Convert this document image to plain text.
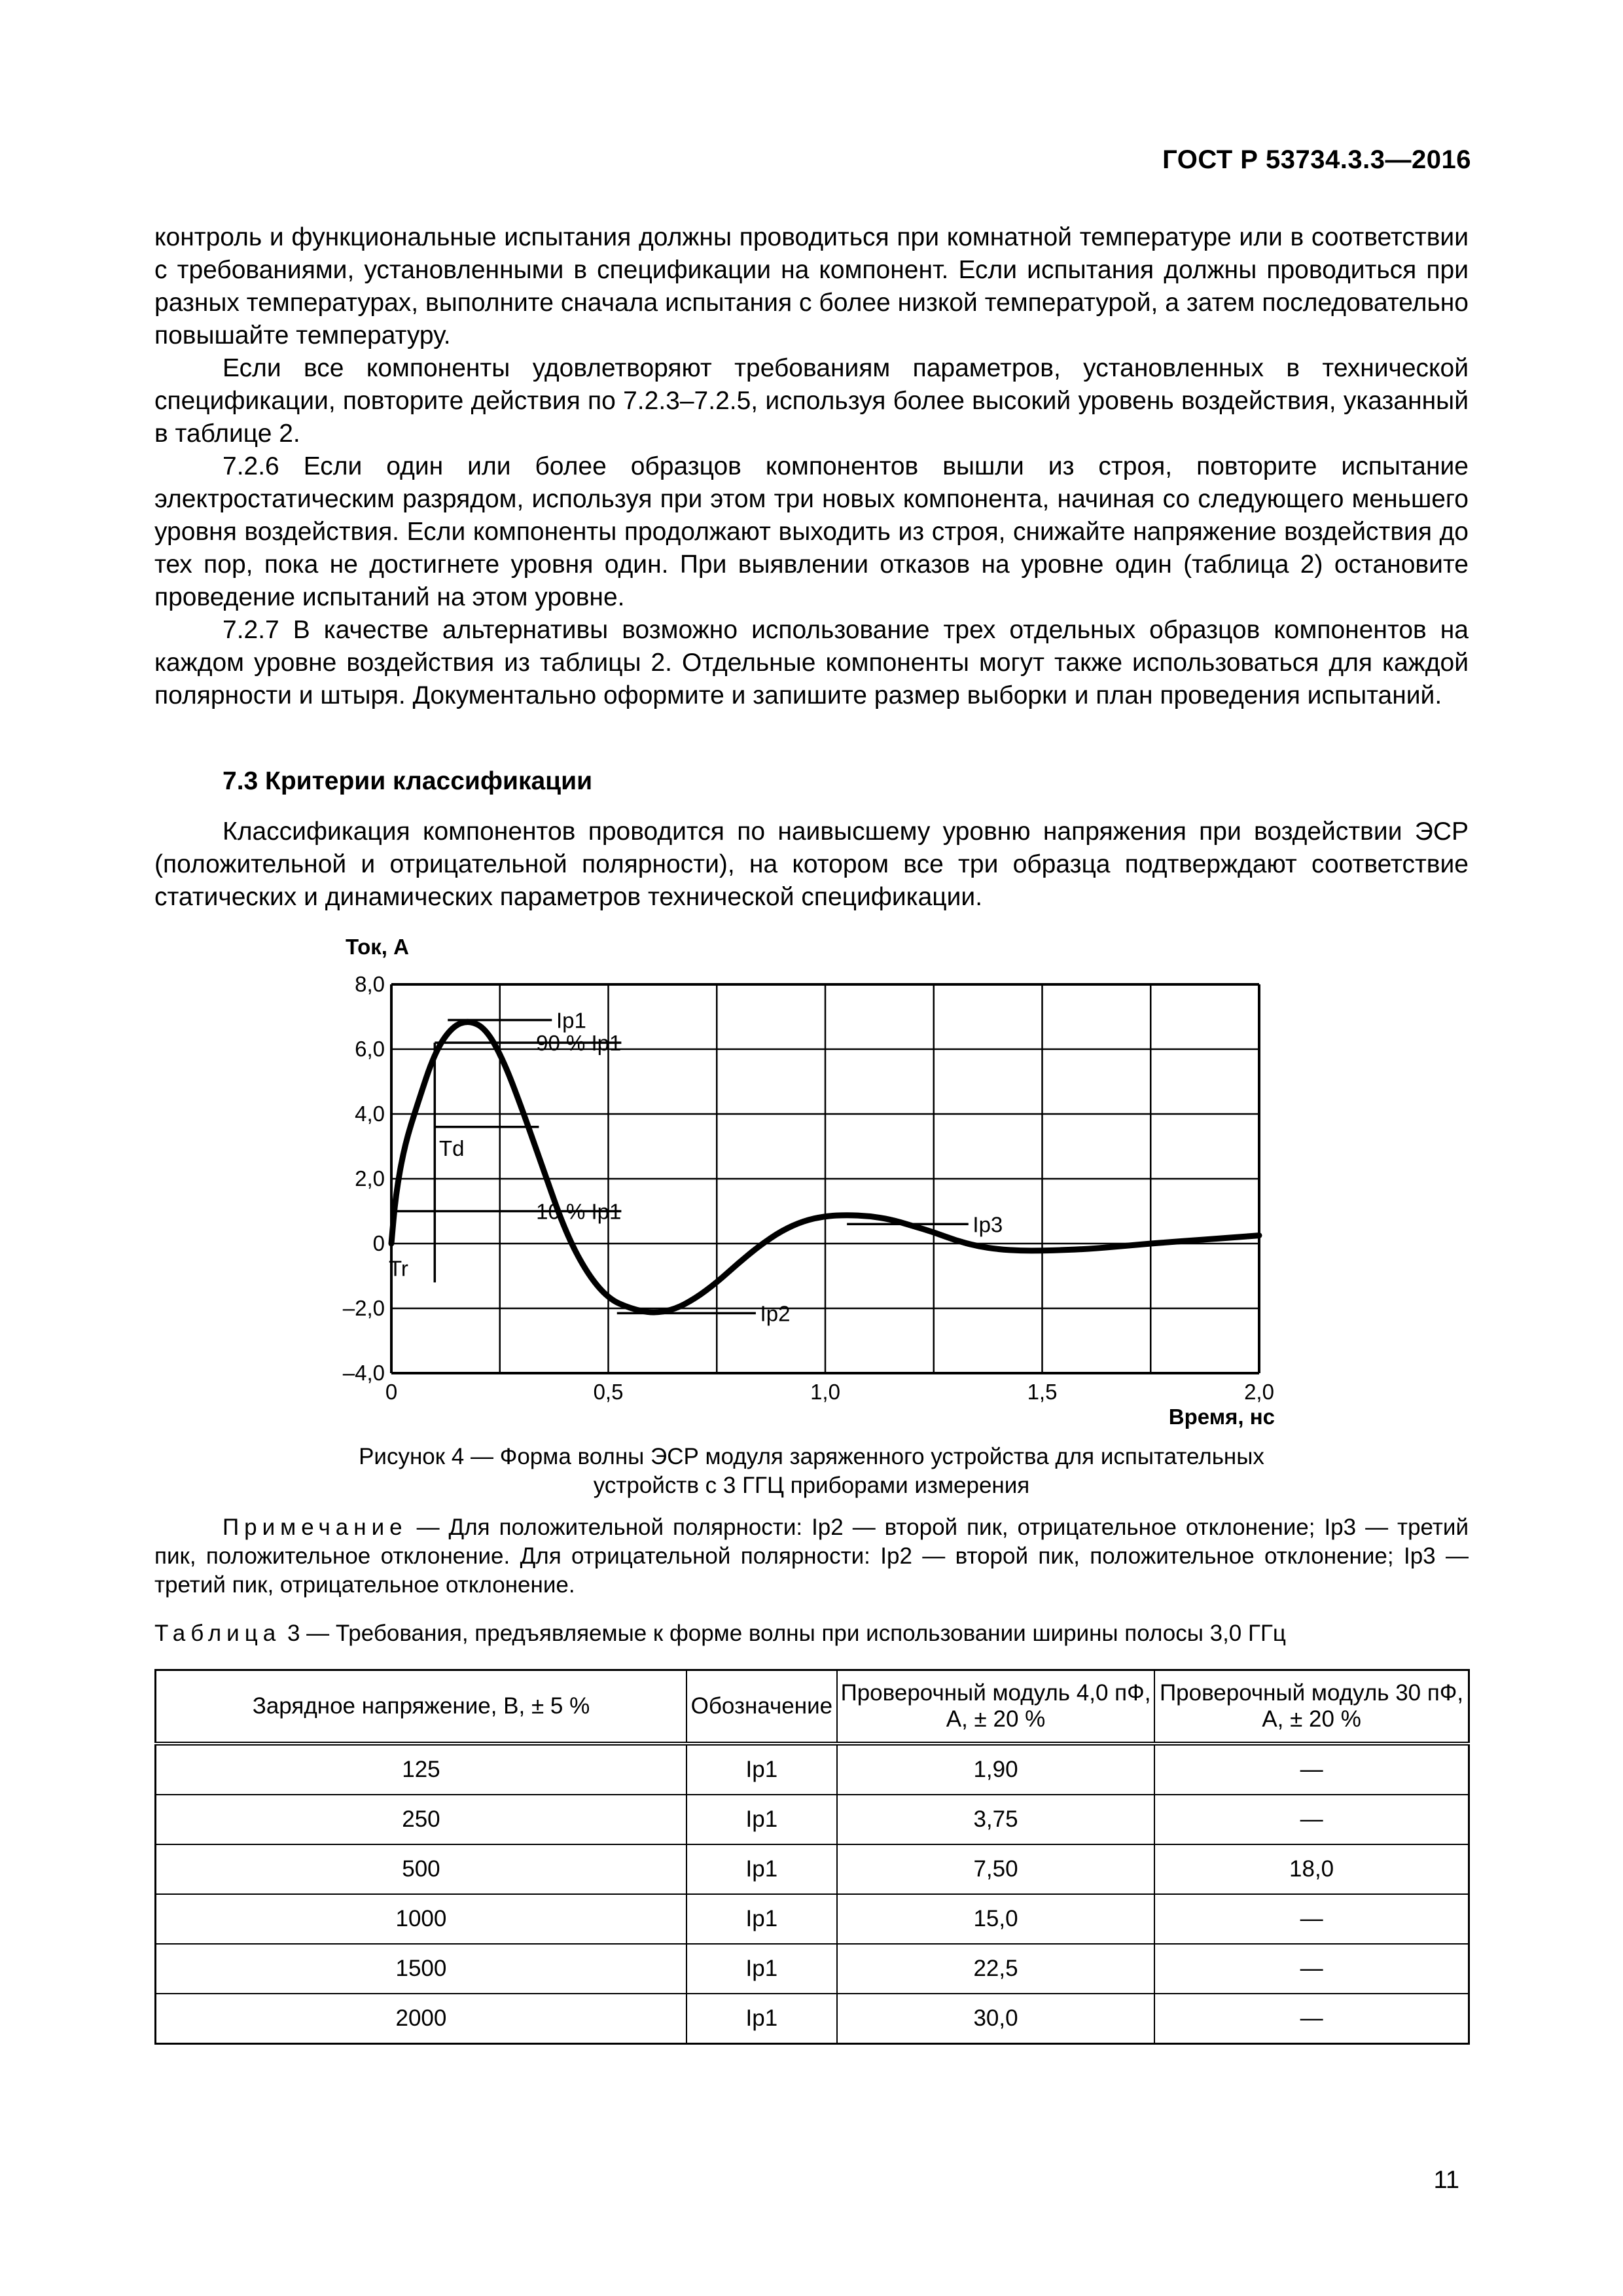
ГОСТ Р 53734.3.3—2016

контроль и функциональные испытания должны проводиться при комнатной температуре или в соответствии с требованиями, установленными в спецификации на компонент. Если испытания должны проводиться при разных температурах, выполните сначала испытания с более низкой температурой, а затем последовательно повышайте температуру.

Если все компоненты удовлетворяют требованиям параметров, установленных в технической спецификации, повторите действия по 7.2.3–7.2.5, используя более высокий уровень воздействия, указанный в таблице 2.

7.2.6 Если один или более образцов компонентов вышли из строя, повторите испытание электростатическим разрядом, используя при этом три новых компонента, начиная со следующего меньшего уровня воздействия. Если компоненты продолжают выходить из строя, снижайте напряжение воздействия до тех пор, пока не достигнете уровня один. При выявлении отказов на уровне один (таблица 2) остановите проведение испытаний на этом уровне.

7.2.7 В качестве альтернативы возможно использование трех отдельных образцов компонентов на каждом уровне воздействия из таблицы 2. Отдельные компоненты могут также использоваться для каждой полярности и штыря. Документально оформите и запишите размер выборки и план проведения испытаний.

7.3 Критерии классификации

Классификация компонентов проводится по наивысшему уровню напряжения при воздействии ЭСР (положительной и отрицательной полярности), на котором все три образца подтверждают соответствие статических и динамических параметров технической спецификации.

Ток, А
Время, нс
8,0
6,0
4,0
2,0
0
–2,0
–4,0
0	0,5	1,0	1,5	2,0
Ip1
90 % Ip1
Td
10 % Ip1
Ip3
Tr
Ip2
Рисунок 4 — Форма волны ЭСР модуля заряженного устройства для испытательных
устройств с 3 ГГЦ приборами измерения
Примечание — Для положительной полярности: Ip2 — второй пик, отрицательное отклонение; Ip3 — третий пик, положительное отклонение. Для отрицательной полярности: Ip2 — второй пик, положительное отклонение; Ip3 — третий пик, отрицательное отклонение.
Таблица 3 — Требования, предъявляемые к форме волны при использовании ширины полосы 3,0 ГГц
Зарядное напряжение, В, ± 5 %	Обозначение	Проверочный модуль 4,0 пФ, А, ± 20 %	Проверочный модуль 30 пФ, А, ± 20 %
125	Ip1	1,90	—
250	Ip1	3,75	—
500	Ip1	7,50	18,0
1000	Ip1	15,0	—
1500	Ip1	22,5	—
2000	Ip1	30,0	—
11
